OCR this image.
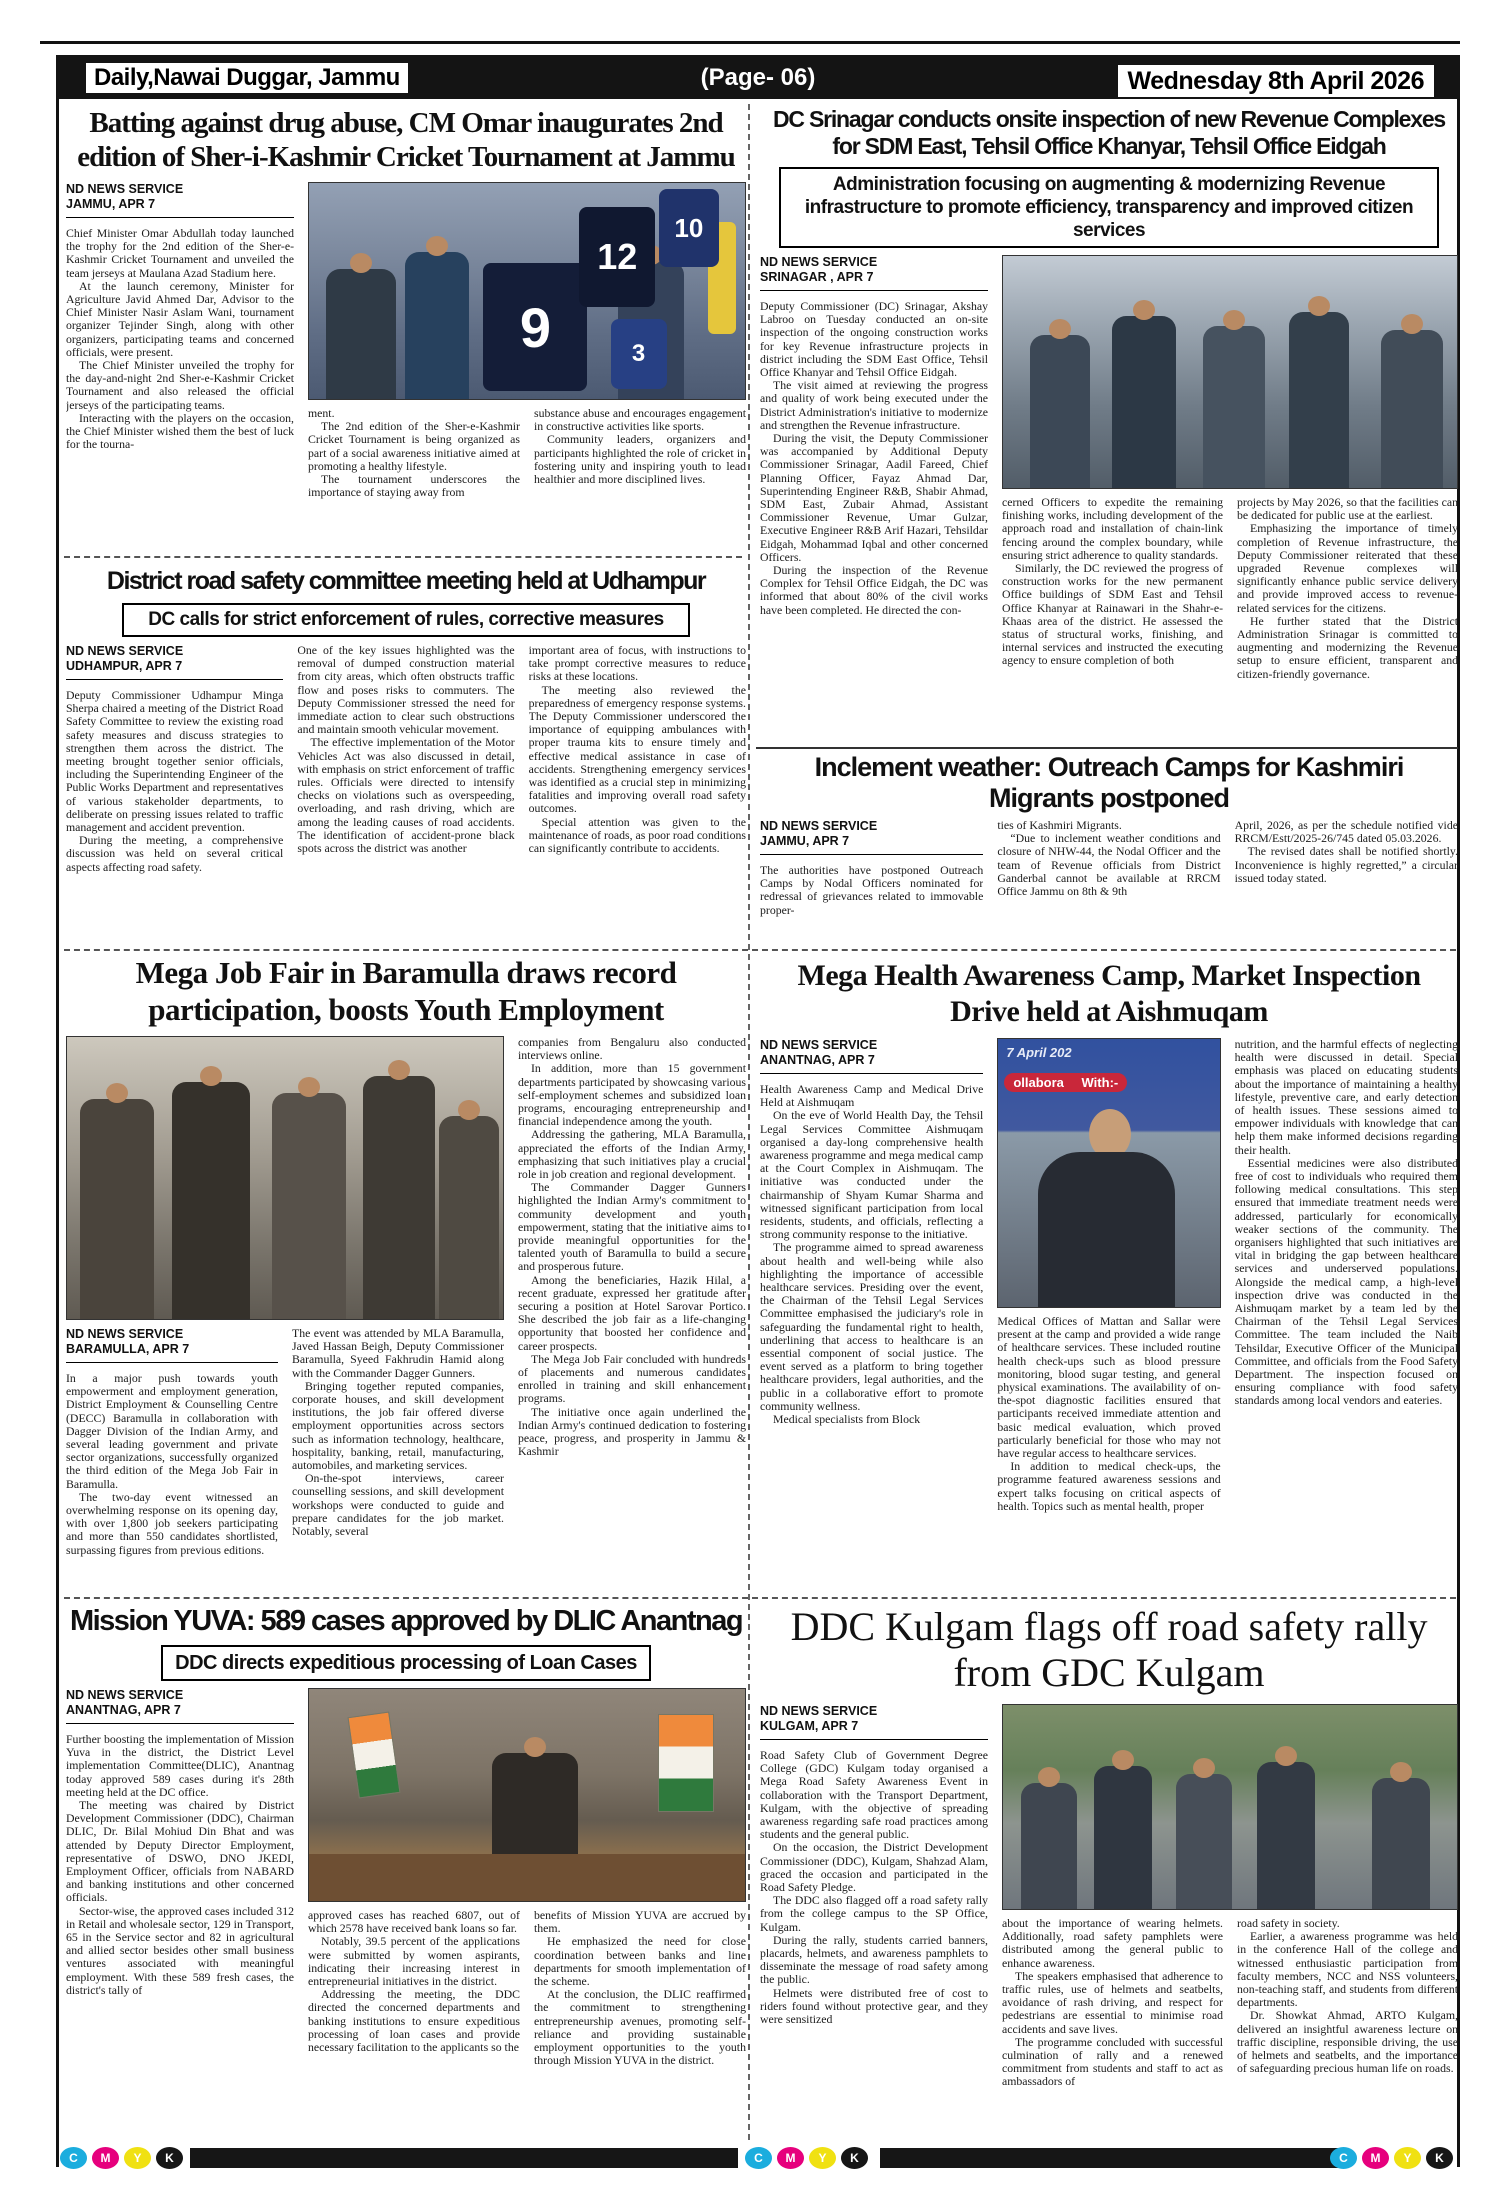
Daily,Nawai Duggar, Jammu	(Page- 06)	Wednesday 8th April 2026
Batting against drug abuse, CM Omar inaugurates 2nd edition of Sher-i-Kashmir Cricket Tournament at Jammu
ND NEWS SERVICE
JAMMU, APR 7

Chief Minister Omar Abdullah today launched the trophy for the 2nd edition of the Sher-e-Kashmir Cricket Tournament and unveiled the team jerseys at Maulana Azad Stadium here.

At the launch ceremony, Minister for Agriculture Javid Ahmed Dar, Advisor to the Chief Minister Nasir Aslam Wani, tournament organizer Tejinder Singh, along with other organizers, participating teams and concerned officials, were present.

The Chief Minister unveiled the trophy for the day-and-night 2nd Sher-e-Kashmir Cricket Tournament and also released the official jerseys of the participating teams.

Interacting with the players on the occasion, the Chief Minister wished them the best of luck for the tourna-

9
12
10
3

ment.

The 2nd edition of the Sher-e-Kashmir Cricket Tournament is being organized as part of a social awareness initiative aimed at promoting a healthy lifestyle.

The tournament underscores the importance of staying away from

substance abuse and encourages engagement in constructive activities like sports.

Community leaders, organizers and participants highlighted the role of cricket in fostering unity and inspiring youth to lead healthier and more disciplined lives.

DC Srinagar conducts onsite inspection of new Revenue Complexes for SDM East, Tehsil Office Khanyar, Tehsil Office Eidgah
Administration focusing on augmenting & modernizing Revenue infrastructure to promote efficiency, transparency and improved citizen services
ND NEWS SERVICE
SRINAGAR , APR 7

Deputy Commissioner (DC) Srinagar, Akshay Labroo on Tuesday conducted an on-site inspection of the ongoing construction works for key Revenue infrastructure projects in district including the SDM East Office, Tehsil Office Khanyar and Tehsil Office Eidgah.

The visit aimed at reviewing the progress and quality of work being executed under the District Administration's initiative to modernize and strengthen the Revenue infrastructure.

During the visit, the Deputy Commissioner was accompanied by Additional Deputy Commissioner Srinagar, Aadil Fareed, Chief Planning Officer, Fayaz Ahmad Dar, Superintending Engineer R&B, Shabir Ahmad, SDM East, Zubair Ahmad, Assistant Commissioner Revenue, Umar Gulzar, Executive Engineer R&B Arif Hazari, Tehsildar Eidgah, Mohammad Iqbal and other concerned Officers.

During the inspection of the Revenue Complex for Tehsil Office Eidgah, the DC was informed that about 80% of the civil works have been completed. He directed the con-

cerned Officers to expedite the remaining finishing works, including development of the approach road and installation of chain-link fencing around the complex boundary, while ensuring strict adherence to quality standards.

Similarly, the DC reviewed the progress of construction works for the new permanent Office buildings of SDM East and Tehsil Office Khanyar at Rainawari in the Shahr-e-Khaas area of the district. He assessed the status of structural works, finishing, and internal services and instructed the executing agency to ensure completion of both

projects by May 2026, so that the facilities can be dedicated for public use at the earliest.

Emphasizing the importance of timely completion of Revenue infrastructure, the Deputy Commissioner reiterated that these upgraded Revenue complexes will significantly enhance public service delivery and provide improved access to revenue-related services for the citizens.

He further stated that the District Administration Srinagar is committed to augmenting and modernizing the Revenue setup to ensure efficient, transparent and citizen-friendly governance.

District road safety committee meeting held at Udhampur
DC calls for strict enforcement of rules, corrective measures
ND NEWS SERVICE
UDHAMPUR, APR 7

Deputy Commissioner Udhampur Minga Sherpa chaired a meeting of the District Road Safety Committee to review the existing road safety measures and discuss strategies to strengthen them across the district. The meeting brought together senior officials, including the Superintending Engineer of the Public Works Department and representatives of various stakeholder departments, to deliberate on pressing issues related to traffic management and accident prevention.

During the meeting, a comprehensive discussion was held on several critical aspects affecting road safety.

One of the key issues highlighted was the removal of dumped construction material from city areas, which often obstructs traffic flow and poses risks to commuters. The Deputy Commissioner stressed the need for immediate action to clear such obstructions and maintain smooth vehicular movement.

The effective implementation of the Motor Vehicles Act was also discussed in detail, with emphasis on strict enforcement of traffic rules. Officials were directed to intensify checks on violations such as overspeeding, overloading, and rash driving, which are among the leading causes of road accidents. The identification of accident-prone black spots across the district was another

important area of focus, with instructions to take prompt corrective measures to reduce risks at these locations.

The meeting also reviewed the preparedness of emergency response systems. The Deputy Commissioner underscored the importance of equipping ambulances with proper trauma kits to ensure timely and effective medical assistance in case of accidents. Strengthening emergency services was identified as a crucial step in minimizing fatalities and improving overall road safety outcomes.

Special attention was given to the maintenance of roads, as poor road conditions can significantly contribute to accidents.

Inclement weather: Outreach Camps for Kashmiri Migrants postponed
ND NEWS SERVICE
JAMMU, APR 7

The authorities have postponed Outreach Camps by Nodal Officers nominated for redressal of grievances related to immovable proper-

ties of Kashmiri Migrants.

“Due to inclement weather conditions and closure of NHW-44, the Nodal Officer and the team of Revenue officials from District Ganderbal cannot be available at RRCM Office Jammu on 8th & 9th

April, 2026, as per the schedule notified vide RRCM/Estt/2025-26/745 dated 05.03.2026.

The revised dates shall be notified shortly. Inconvenience is highly regretted,” a circular issued today stated.

Mega Job Fair in Baramulla draws record participation, boosts Youth Employment
ND NEWS SERVICE
BARAMULLA, APR 7

In a major push towards youth empowerment and employment generation, District Employment & Counselling Centre (DECC) Baramulla in collaboration with Dagger Division of the Indian Army, and several leading government and private sector organizations, successfully organized the third edition of the Mega Job Fair in Baramulla.

The two-day event witnessed an overwhelming response on its opening day, with over 1,800 job seekers participating and more than 550 candidates shortlisted, surpassing figures from previous editions.

The event was attended by MLA Baramulla, Javed Hassan Beigh, Deputy Commissioner Baramulla, Syeed Fakhrudin Hamid along with the Commander Dagger Gunners.

Bringing together reputed companies, corporate houses, and skill development institutions, the job fair offered diverse employment opportunities across sectors such as information technology, healthcare, hospitality, banking, retail, manufacturing, automobiles, and marketing services.

On-the-spot interviews, career counselling sessions, and skill development workshops were conducted to guide and prepare candidates for the job market. Notably, several

companies from Bengaluru also conducted interviews online.

In addition, more than 15 government departments participated by showcasing various self-employment schemes and subsidized loan programs, encouraging entrepreneurship and financial independence among the youth.

Addressing the gathering, MLA Baramulla, appreciated the efforts of the Indian Army, emphasizing that such initiatives play a crucial role in job creation and regional development.

The Commander Dagger Gunners highlighted the Indian Army's commitment to community development and youth empowerment, stating that the initiative aims to provide meaningful opportunities for the talented youth of Baramulla to build a secure and prosperous future.

Among the beneficiaries, Hazik Hilal, a recent graduate, expressed her gratitude after securing a position at Hotel Sarovar Portico. She described the job fair as a life-changing opportunity that boosted her confidence and career prospects.

The Mega Job Fair concluded with hundreds of placements and numerous candidates enrolled in training and skill enhancement programs.

The initiative once again underlined the Indian Army's continued dedication to fostering peace, progress, and prosperity in Jammu & Kashmir

Mega Health Awareness Camp, Market Inspection Drive held at Aishmuqam
ND NEWS SERVICE
ANANTNAG, APR 7

Health Awareness Camp and Medical Drive Held at Aishmuqam

On the eve of World Health Day, the Tehsil Legal Services Committee Aishmuqam organised a day-long comprehensive health awareness programme and mega medical camp at the Court Complex in Aishmuqam. The initiative was conducted under the chairmanship of Shyam Kumar Sharma and witnessed significant participation from local residents, students, and officials, reflecting a strong community response to the initiative.

The programme aimed to spread awareness about health and well-being while also highlighting the importance of accessible healthcare services. Presiding over the event, the Chairman of the Tehsil Legal Services Committee emphasised the judiciary's role in safeguarding the fundamental right to health, underlining that access to healthcare is an essential component of social justice. The event served as a platform to bring together healthcare providers, legal authorities, and the public in a collaborative effort to promote community wellness.

Medical specialists from Block

7 April 202
ollabora With:-

Medical Offices of Mattan and Sallar were present at the camp and provided a wide range of healthcare services. These included routine health check-ups such as blood pressure monitoring, blood sugar testing, and general physical examinations. The availability of on-the-spot diagnostic facilities ensured that participants received immediate attention and basic medical evaluation, which proved particularly beneficial for those who may not have regular access to healthcare services.

In addition to medical check-ups, the programme featured awareness sessions and expert talks focusing on critical aspects of health. Topics such as mental health, proper

nutrition, and the harmful effects of neglecting health were discussed in detail. Special emphasis was placed on educating students about the importance of maintaining a healthy lifestyle, preventive care, and early detection of health issues. These sessions aimed to empower individuals with knowledge that can help them make informed decisions regarding their health.

Essential medicines were also distributed free of cost to individuals who required them following medical consultations. This step ensured that immediate treatment needs were addressed, particularly for economically weaker sections of the community. The organisers highlighted that such initiatives are vital in bridging the gap between healthcare services and underserved populations. Alongside the medical camp, a high-level inspection drive was conducted in the Aishmuqam market by a team led by the Chairman of the Tehsil Legal Services Committee. The team included the Naib Tehsildar, Executive Officer of the Municipal Committee, and officials from the Food Safety Department. The inspection focused on ensuring compliance with food safety standards among local vendors and eateries.

Mission YUVA: 589 cases approved by DLIC Anantnag
DDC directs expeditious processing of Loan Cases
ND NEWS SERVICE
ANANTNAG, APR 7

Further boosting the implementation of Mission Yuva in the district, the District Level implementation Committee(DLIC), Anantnag today approved 589 cases during it's 28th meeting held at the DC office.

The meeting was chaired by District Development Commissioner (DDC), Chairman DLIC, Dr. Bilal Mohiud Din Bhat and was attended by Deputy Director Employment, representative of DSWO, DNO JKEDI, Employment Officer, officials from NABARD and banking institutions and other concerned officials.

Sector-wise, the approved cases included 312 in Retail and wholesale sector, 129 in Transport, 65 in the Service sector and 82 in agricultural and allied sector besides other small business ventures associated with meaningful employment. With these 589 fresh cases, the district's tally of

approved cases has reached 6807, out of which 2578 have received bank loans so far.

Notably, 39.5 percent of the applications were submitted by women aspirants, indicating their increasing interest in entrepreneurial initiatives in the district.

Addressing the meeting, the DDC directed the concerned departments and banking institutions to ensure expeditious processing of loan cases and provide necessary facilitation to the applicants so the

benefits of Mission YUVA are accrued by them.

He emphasized the need for close coordination between banks and line departments for smooth implementation of the scheme.

At the conclusion, the DLIC reaffirmed the commitment to strengthening entrepreneurship avenues, promoting self-reliance and providing sustainable employment opportunities to the youth through Mission YUVA in the district.

DDC Kulgam flags off road safety rally from GDC Kulgam
ND NEWS SERVICE
KULGAM, APR 7

Road Safety Club of Government Degree College (GDC) Kulgam today organised a Mega Road Safety Awareness Event in collaboration with the Transport Department, Kulgam, with the objective of spreading awareness regarding safe road practices among students and the general public.

On the occasion, the District Development Commissioner (DDC), Kulgam, Shahzad Alam, graced the occasion and participated in the Road Safety Pledge.

The DDC also flagged off a road safety rally from the college campus to the SP Office, Kulgam.

During the rally, students carried banners, placards, helmets, and awareness pamphlets to disseminate the message of road safety among the public.

Helmets were distributed free of cost to riders found without protective gear, and they were sensitized

about the importance of wearing helmets. Additionally, road safety pamphlets were distributed among the general public to enhance awareness.

The speakers emphasised that adherence to traffic rules, use of helmets and seatbelts, avoidance of rash driving, and respect for pedestrians are essential to minimise road accidents and save lives.

The programme concluded with successful culmination of rally and a renewed commitment from students and staff to act as ambassadors of

road safety in society.

Earlier, a awareness programme was held in the conference Hall of the college and witnessed enthusiastic participation from faculty members, NCC and NSS volunteers, non-teaching staff, and students from different departments.

Dr. Showkat Ahmad, ARTO Kulgam, delivered an insightful awareness lecture on traffic discipline, responsible driving, the use of helmets and seatbelts, and the importance of safeguarding precious human life on roads.

C	M	Y	K	C	M	Y	K	C	M	Y	K
